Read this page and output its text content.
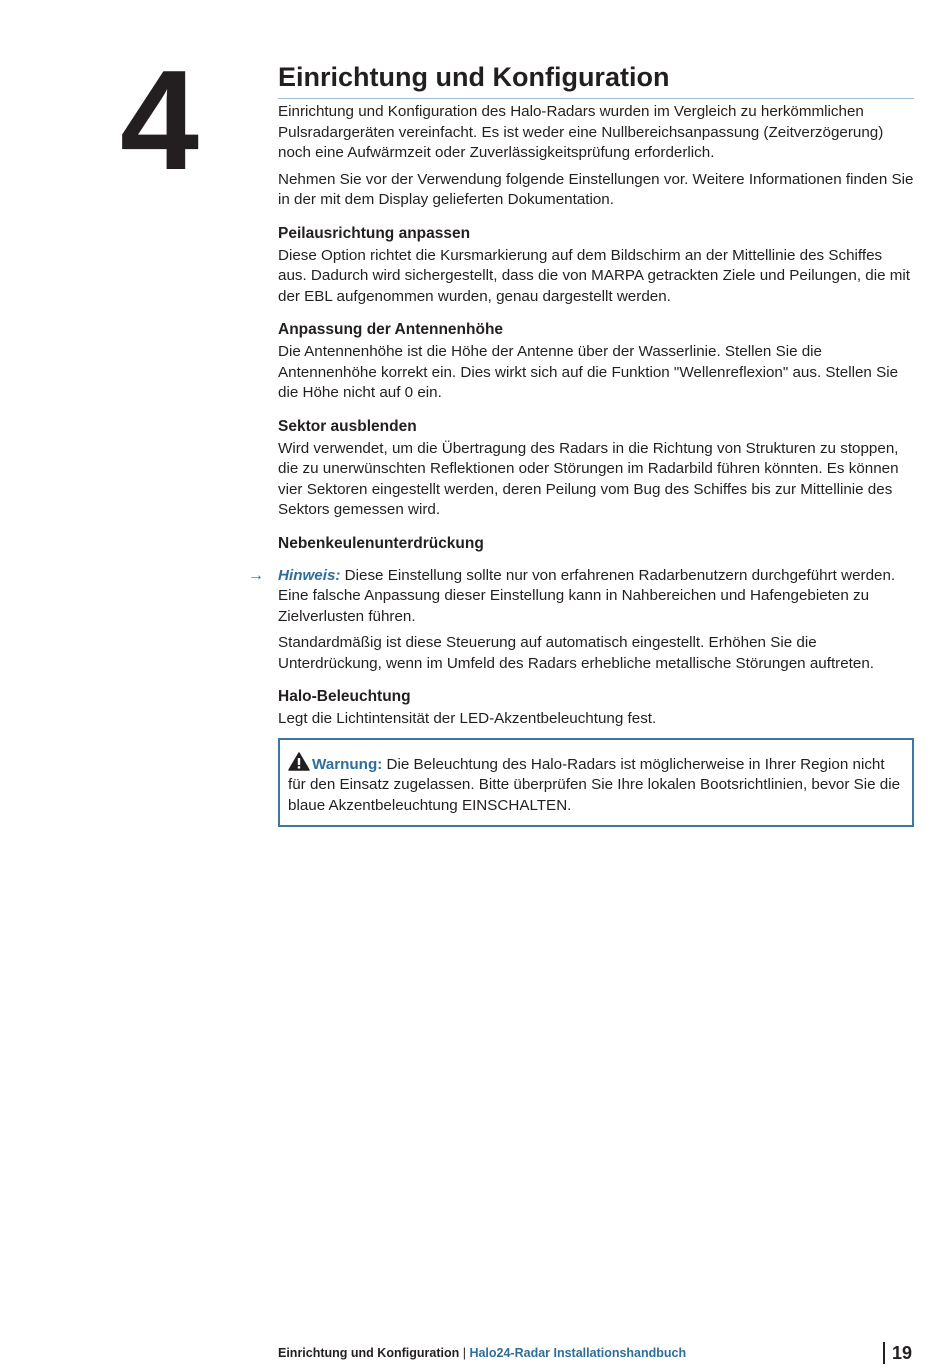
4	Einrichtung und Konfiguration

Einrichtung und Konfiguration des Halo-Radars wurden im Vergleich zu herkömmlichen Pulsradargeräten vereinfacht. Es ist weder eine Nullbereichsanpassung (Zeitverzögerung) noch eine Aufwärmzeit oder Zuverlässigkeitsprüfung erforderlich.

Nehmen Sie vor der Verwendung folgende Einstellungen vor. Weitere Informationen finden Sie in der mit dem Display gelieferten Dokumentation.

Peilausrichtung anpassen

Diese Option richtet die Kursmarkierung auf dem Bildschirm an der Mittellinie des Schiffes aus. Dadurch wird sichergestellt, dass die von MARPA getrackten Ziele und Peilungen, die mit der EBL aufgenommen wurden, genau dargestellt werden.

Anpassung der Antennenhöhe

Die Antennenhöhe ist die Höhe der Antenne über der Wasserlinie. Stellen Sie die Antennenhöhe korrekt ein. Dies wirkt sich auf die Funktion "Wellenreflexion" aus. Stellen Sie die Höhe nicht auf 0 ein.

Sektor ausblenden

Wird verwendet, um die Übertragung des Radars in die Richtung von Strukturen zu stoppen, die zu unerwünschten Reflektionen oder Störungen im Radarbild führen könnten. Es können vier Sektoren eingestellt werden, deren Peilung vom Bug des Schiffes bis zur Mittellinie des Sektors gemessen wird.

Nebenkeulenunterdrückung
→ Hinweis: Diese Einstellung sollte nur von erfahrenen Radarbenutzern durchgeführt werden. Eine falsche Anpassung dieser Einstellung kann in Nahbereichen und Hafengebieten zu Zielverlusten führen.

Standardmäßig ist diese Steuerung auf automatisch eingestellt. Erhöhen Sie die Unterdrückung, wenn im Umfeld des Radars erhebliche metallische Störungen auftreten.

Halo-Beleuchtung

Legt die Lichtintensität der LED-Akzentbeleuchtung fest.

Warnung: Die Beleuchtung des Halo-Radars ist möglicherweise in Ihrer Region nicht für den Einsatz zugelassen. Bitte überprüfen Sie Ihre lokalen Bootsrichtlinien, bevor Sie die blaue Akzentbeleuchtung EINSCHALTEN.

Einrichtung und Konfiguration | Halo24-Radar Installationshandbuch	19
